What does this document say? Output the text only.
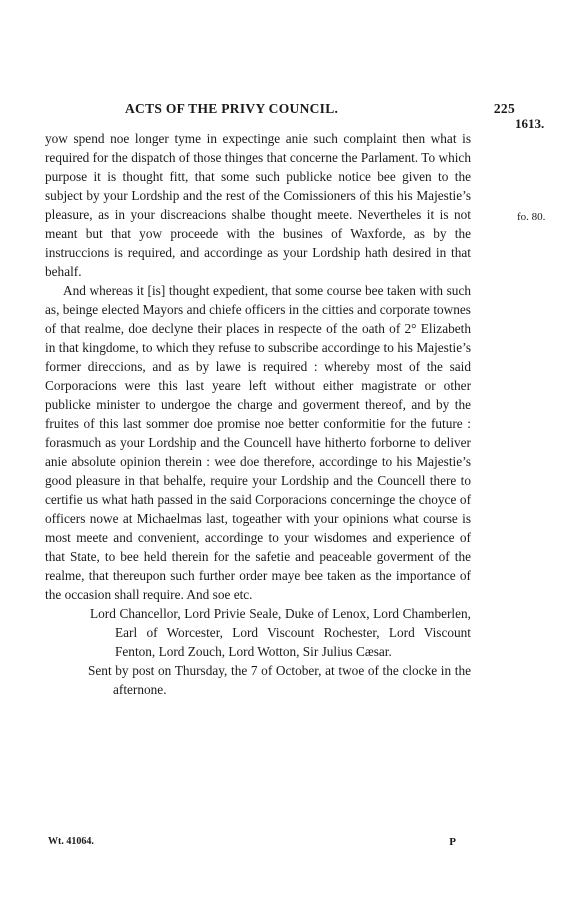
ACTS OF THE PRIVY COUNCIL.	225
1613.
fo. 80.

yow spend noe longer tyme in expectinge anie such complaint then what is required for the dispatch of those thinges that concerne the Parlament. To which purpose it is thought fitt, that some such publicke notice bee given to the subject by your Lordship and the rest of the Comissioners of this his Majestie’s pleasure, as in your discreacions shalbe thought meete. Nevertheles it is not meant but that yow proceede with the busines of Waxforde, as by the instruccions is required, and accordinge as your Lordship hath desired in that behalf.

And whereas it [is] thought expedient, that some course bee taken with such as, beinge elected Mayors and chiefe officers in the citties and corporate townes of that realme, doe declyne their places in respecte of the oath of 2° Elizabeth in that kingdome, to which they refuse to subscribe accordinge to his Majestie’s former direccions, and as by lawe is required : whereby most of the said Corporacions were this last yeare left without either magistrate or other publicke minister to undergoe the charge and goverment thereof, and by the fruites of this last sommer doe promise noe better conformitie for the future : forasmuch as your Lordship and the Councell have hitherto forborne to deliver anie absolute opinion therein : wee doe therefore, accordinge to his Majestie’s good pleasure in that behalfe, require your Lordship and the Councell there to certifie us what hath passed in the said Corporacions concerninge the choyce of officers nowe at Michaelmas last, togeather with your opinions what course is most meete and convenient, accordinge to your wisdomes and experience of that State, to bee held therein for the safetie and peaceable goverment of the realme, that thereupon such further order maye bee taken as the importance of the occasion shall require. And soe etc.

Lord Chancellor, Lord Privie Seale, Duke of Lenox, Lord Chamberlen, Earl of Worcester, Lord Viscount Rochester, Lord Viscount Fenton, Lord Zouch, Lord Wotton, Sir Julius Cæsar.

Sent by post on Thursday, the 7 of October, at twoe of the clocke in the afternone.

Wt. 41064.	P
